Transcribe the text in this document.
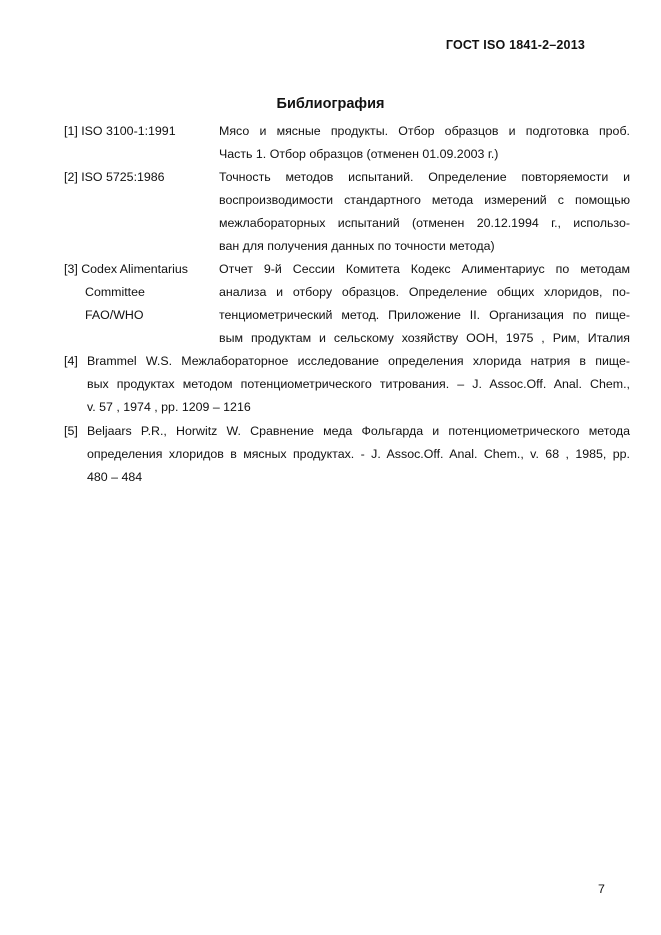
ГОСТ ISO 1841-2–2013
Библиография
[1] ISO 3100-1:1991	Мясо и мясные продукты. Отбор образцов и подготовка проб.
Часть 1. Отбор образцов (отменен 01.09.2003 г.)
[2] ISO 5725:1986	Точность методов испытаний. Определение повторяемости и
воспроизводимости стандартного метода измерений с помощью
межлабораторных испытаний (отменен 20.12.1994 г., использо-
ван для получения данных по точности метода)
[3] Codex Alimentarius
Committee
FAO/WHO
Отчет 9-й Сессии Комитета Кодекс Алиментариус по методам
анализа и отбору образцов. Определение общих хлоридов, по-
тенциометрический метод. Приложение II. Организация по пище-
вым продуктам и сельскому хозяйству ООН, 1975 , Рим, Италия
[4] Brammel W.S. Межлабораторное исследование определения хлорида натрия в пище-
вых продуктах методом потенциометрического титрования. – J. Assoc.Off. Anal. Chem.,
v. 57 , 1974 , pp. 1209 – 1216
[5] Beljaars P.R., Horwitz W. Сравнение меда Фольгарда и потенциометрического метода
определения хлоридов в мясных продуктах. - J. Assoc.Off. Anal. Chem., v. 68 , 1985, pp.
480 – 484
7
